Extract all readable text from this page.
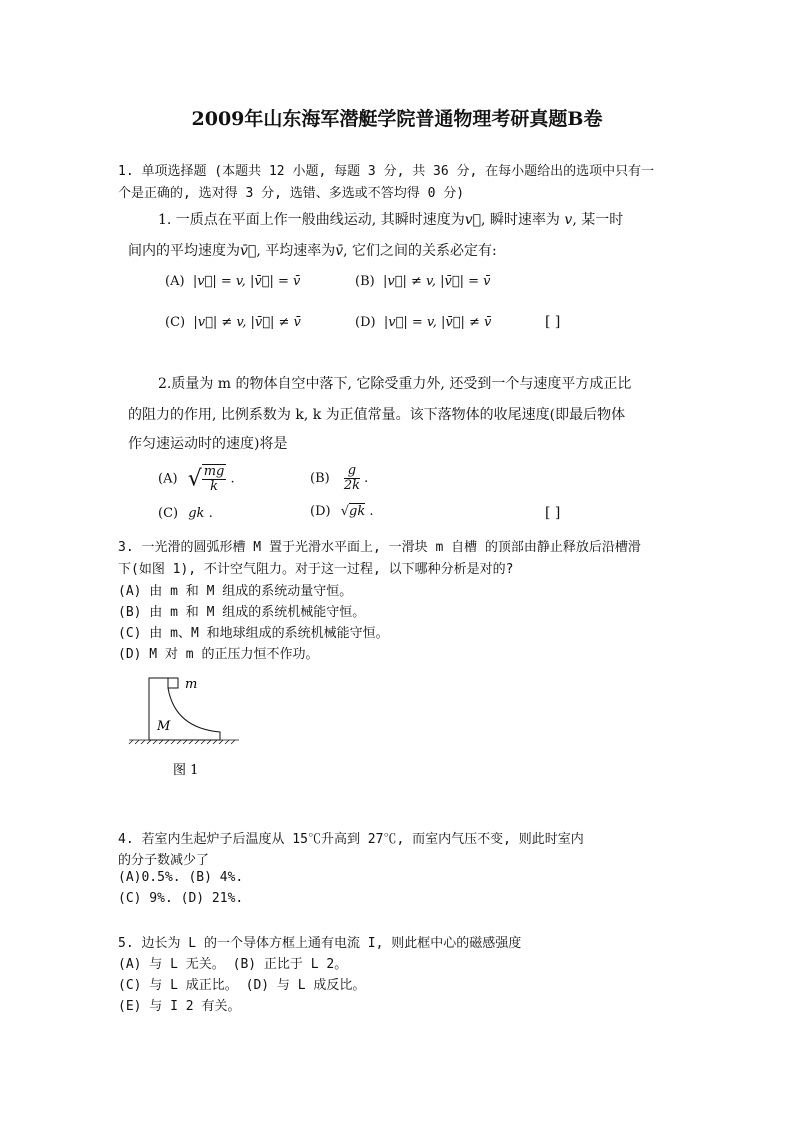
2009年山东海军潜艇学院普通物理考研真题B卷
1. 单项选择题 (本题共 12 小题, 每题 3 分, 共 36 分, 在每小题给出的选项中只有一
个是正确的, 选对得 3 分, 选错、多选或不答均得 0 分)
1. 一质点在平面上作一般曲线运动, 其瞬时速度为v⃗, 瞬时速率为 v, 某一时
间内的平均速度为v̄⃗, 平均速率为v̄, 它们之间的关系必定有:
(A)  |v⃗| = v, |v̄⃗| = v̄	(B)  |v⃗| ≠ v, |v̄⃗| = v̄
(C)  |v⃗| ≠ v, |v̄⃗| ≠ v̄	(D)  |v⃗| = v, |v̄⃗| ≠ v̄	[ ]
2.质量为 m 的物体自空中落下, 它除受重力外, 还受到一个与速度平方成正比
的阻力的作用, 比例系数为 k, k 为正值常量。该下落物体的收尾速度(即最后物体
作匀速运动时的速度)将是
(A) √ $\frac{mg}{k}$ .	$(B) \frac{g}{2k}$ .
(C) gk .	(D) √gk .	[ ]
3. 一光滑的圆弧形槽 M 置于光滑水平面上, 一滑块 m 自槽 的顶部由静止释放后沿槽滑
下(如图 1), 不计空气阻力。对于这一过程, 以下哪种分析是对的?
(A) 由 m 和 M 组成的系统动量守恒。
(B) 由 m 和 M 组成的系统机械能守恒。
(C) 由 m、M 和地球组成的系统机械能守恒。
(D) M 对 m 的正压力恒不作功。
m
M
图 1
4. 若室内生起炉子后温度从 15℃升高到 27℃, 而室内气压不变, 则此时室内
的分子数减少了
(A)0.5%. (B) 4%.
(C) 9%. (D) 21%.
5. 边长为 L 的一个导体方框上通有电流 I, 则此框中心的磁感强度
(A) 与 L 无关。 (B) 正比于 L 2。
(C) 与 L 成正比。 (D) 与 L 成反比。
(E) 与 I 2 有关。
